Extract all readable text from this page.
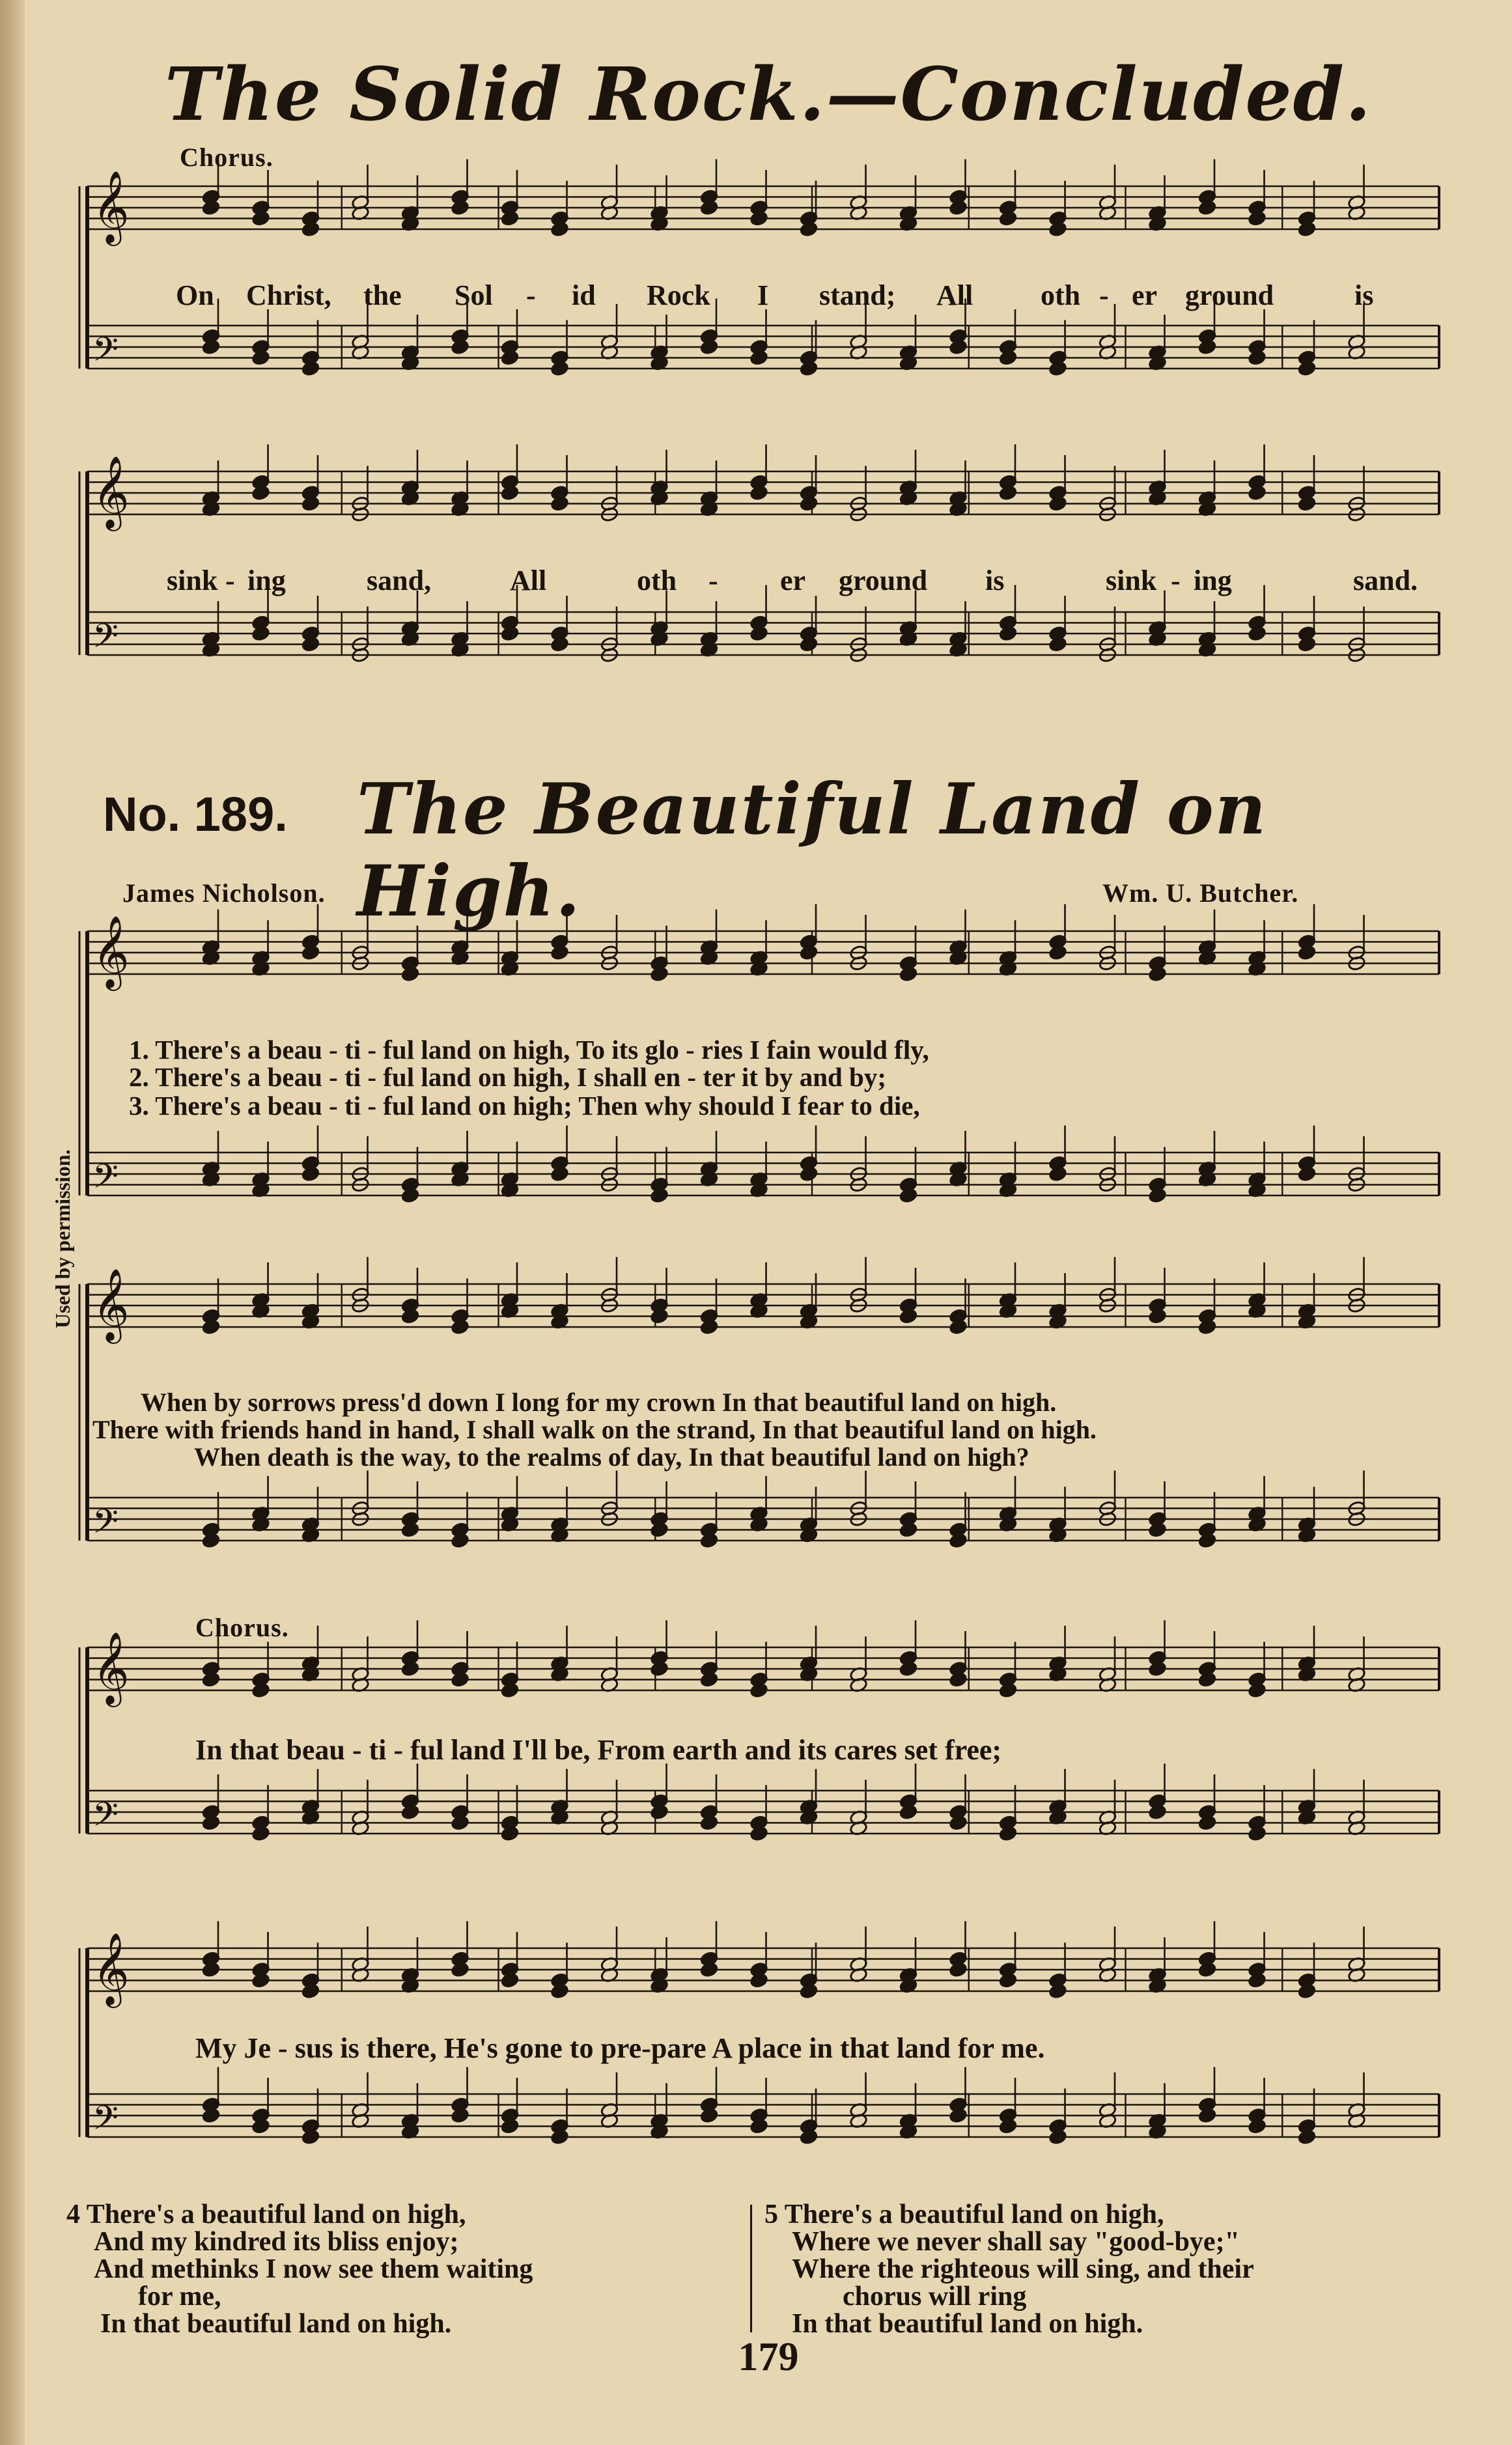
The Solid Rock.—Concluded.
Chorus.
𝄞
𝄢
𝄞
𝄢
𝄞
𝄢
𝄞
𝄢
𝄞
𝄢
𝄞
𝄢
On Christ, the Sol - id Rock I stand; All oth - er ground	is
sink - ing	sand,	All	oth - er ground is	sink - ing	sand.
No. 189. The Beautiful Land on High.
James Nicholson.	Wm. U. Butcher.
Used by permission.
1. There's a beau - ti - ful land on high, To its glo - ries I fain would fly,
2. There's a beau - ti - ful land on high, I shall en - ter it by and by;
3. There's a beau - ti - ful land on high; Then why should I fear to die,
When by sorrows press'd down I long for my crown In that beautiful land on high.
There with friends hand in hand, I shall walk on the strand, In that beautiful land on high.
When death is the way, to the realms of day, In that beautiful land on high?
Chorus.
In that beau - ti - ful land I'll be, From earth and its cares set free;
My Je - sus is there, He's gone to pre-pare A place in that land for me.
4 There's a beautiful land on high,
And my kindred its bliss enjoy;
And methinks I now see them waiting
for me,
In that beautiful land on high.
5 There's a beautiful land on high,
Where we never shall say "good-bye;"
Where the righteous will sing, and their
chorus will ring
In that beautiful land on high.
179
